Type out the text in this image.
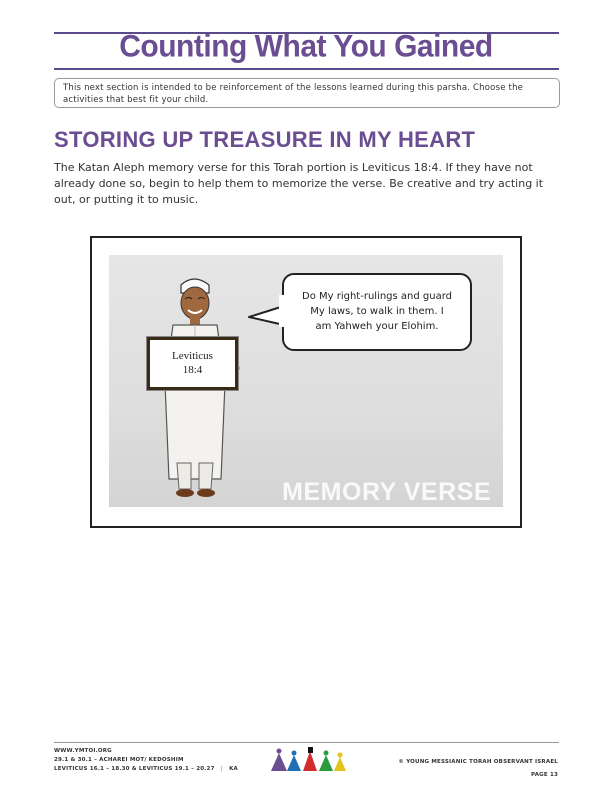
Counting What You Gained
This next section is intended to be reinforcement of the lessons learned during this parsha. Choose the activities that best fit your child.
STORING UP TREASURE IN MY HEART

The Katan Aleph memory verse for this Torah portion is Leviticus 18:4. If they have not already done so, begin to help them to memorize the verse. Be creative and try acting it out, or putting it to music.

Leviticus
18:4
Do My right-rulings and guard
My laws, to walk in them. I
am Yahweh your Elohim.
MEMORY VERSE
WWW.YMTOI.ORG
29.1 & 30.1 – ACHAREI MOT/ KEDOSHIM
LEVITICUS 16.1 – 18.30 & LEVITICUS 19.1 – 20.27 | KA
© YOUNG MESSIANIC TORAH OBSERVANT ISRAEL
PAGE 13
